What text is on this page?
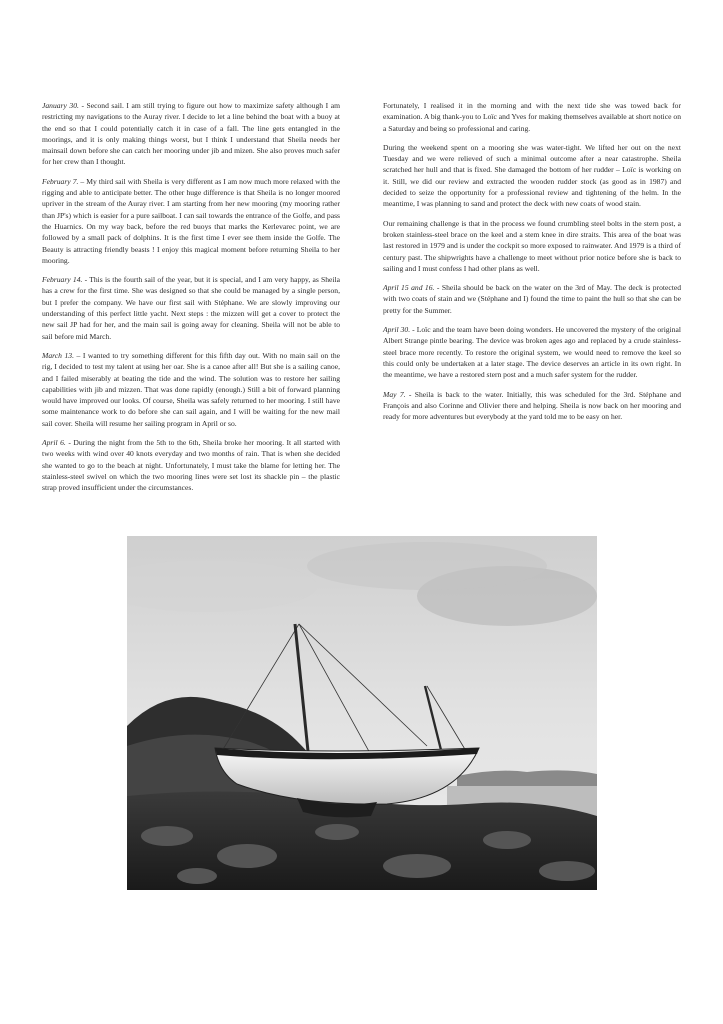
January 30. - Second sail. I am still trying to figure out how to maximize safety although I am restricting my navigations to the Auray river. I decide to let a line behind the boat with a buoy at the end so that I could potentially catch it in case of a fall. The line gets entangled in the moorings, and it is only making things worst, but I think I understand that Sheila needs her mainsail down before she can catch her mooring under jib and mizen. She also proves much safer for her crew than I thought.

February 7. – My third sail with Sheila is very different as I am now much more relaxed with the rigging and able to anticipate better. The other huge difference is that Sheila is no longer moored upriver in the stream of the Auray river. I am starting from her new mooring (my mooring rather than JP's) which is easier for a pure sailboat. I can sail towards the entrance of the Golfe, and pass the Huarnics. On my way back, before the red buoys that marks the Kerlevarec point, we are followed by a small pack of dolphins. It is the first time I ever see them inside the Golfe. The Beauty is attracting friendly beasts ! I enjoy this magical moment before returning Sheila to her mooring.

February 14. - This is the fourth sail of the year, but it is special, and I am very happy, as Sheila has a crew for the first time. She was designed so that she could be managed by a single person, but I prefer the company. We have our first sail with Stéphane. We are slowly improving our understanding of this perfect little yacht. Next steps : the mizzen will get a cover to protect the new sail JP had for her, and the main sail is going away for cleaning. Sheila will not be able to sail before mid March.

March 13. – I wanted to try something different for this fifth day out. With no main sail on the rig, I decided to test my talent at using her oar. She is a canoe after all! But she is a sailing canoe, and I failed miserably at beating the tide and the wind. The solution was to restore her sailing capabilities with jib and mizzen. That was done rapidly (enough.) Still a bit of forward planning would have improved our looks. Of course, Sheila was safely returned to her mooring. I still have some maintenance work to do before she can sail again, and I will be waiting for the new mail sail cover. Sheila will resume her sailing program in April or so.

April 6. - During the night from the 5th to the 6th, Sheila broke her mooring. It all started with two weeks with wind over 40 knots everyday and two months of rain. That is when she decided she wanted to go to the beach at night. Unfortunately, I must take the blame for letting her. The stainless-steel swivel on which the two mooring lines were set lost its shackle pin – the plastic strap proved insufficient under the circumstances.

Fortunately, I realised it in the morning and with the next tide she was towed back for examination. A big thank-you to Loïc and Yves for making themselves available at short notice on a Saturday and being so professional and caring.

During the weekend spent on a mooring she was water-tight. We lifted her out on the next Tuesday and we were relieved of such a minimal outcome after a near catastrophe. Sheila scratched her hull and that is fixed. She damaged the bottom of her rudder – Loïc is working on it. Still, we did our review and extracted the wooden rudder stock (as good as in 1987) and decided to seize the opportunity for a professional review and tightening of the helm. In the meantime, I was planning to sand and protect the deck with new coats of wood stain.

Our remaining challenge is that in the process we found crumbling steel bolts in the stern post, a broken stainless-steel brace on the keel and a stem knee in dire straits. This area of the boat was last restored in 1979 and is under the cockpit so more exposed to rainwater. And 1979 is a third of century past. The shipwrights have a challenge to meet without prior notice before she is back to sailing and I must confess I had other plans as well.

April 15 and 16. - Sheila should be back on the water on the 3rd of May. The deck is protected with two coats of stain and we (Stéphane and I) found the time to paint the hull so that she can be pretty for the Summer.

April 30. - Loïc and the team have been doing wonders. He uncovered the mystery of the original Albert Strange pintle bearing. The device was broken ages ago and replaced by a crude stainless-steel brace more recently. To restore the original system, we would need to remove the keel so this could only be undertaken at a later stage. The device deserves an article in its own right. In the meantime, we have a restored stern post and a much safer system for the rudder.

May 7. - Sheila is back to the water. Initially, this was scheduled for the 3rd. Stéphane and François and also Corinne and Olivier there and helping. Sheila is now back on her mooring and ready for more adventures but everybody at the yard told me to be easy on her.
